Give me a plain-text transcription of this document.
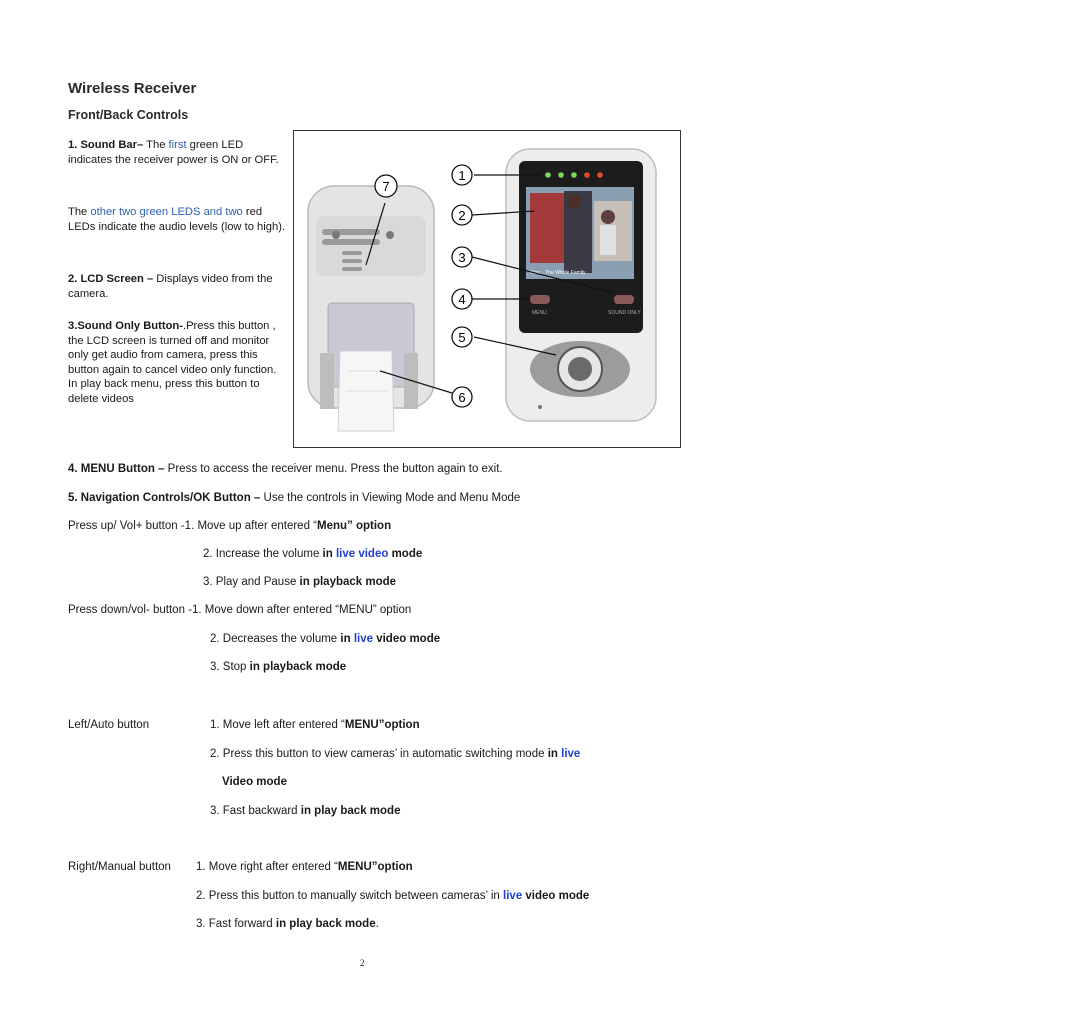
Wireless Receiver
Front/Back Controls
1. Sound Bar– The first green LED indicates the receiver power is ON or OFF.
The other two green LEDS and two red LEDs indicate the audio levels (low to high).
2. LCD Screen – Displays video from the camera.
3.Sound Only Button-.Press this button , the LCD screen is turned off and monitor only get audio from camera, press this button again to cancel video only function. In play back menu, press this button to delete videos
Now... The Whole Family
MENU	SOUND ONLY
1
2
3
4
5
6
7
4. MENU Button – Press to access the receiver menu. Press the button again to exit.
5. Navigation Controls/OK Button – Use the controls in Viewing Mode and Menu Mode
Press up/ Vol+ button -1. Move up after entered “Menu” option
2. Increase the volume in live video mode
3. Play and Pause in playback mode
Press down/vol- button -1. Move down after entered “MENU” option
2. Decreases the volume in live video mode
3. Stop in playback mode
Left/Auto button	1. Move left after entered “MENU”option
2. Press this button to view cameras’ in automatic switching mode in live
Video mode
3. Fast backward in play back mode
Right/Manual button 1. Move right after entered “MENU”option
2. Press this button to manually switch between cameras’ in live video mode
3. Fast forward in play back mode.
2
